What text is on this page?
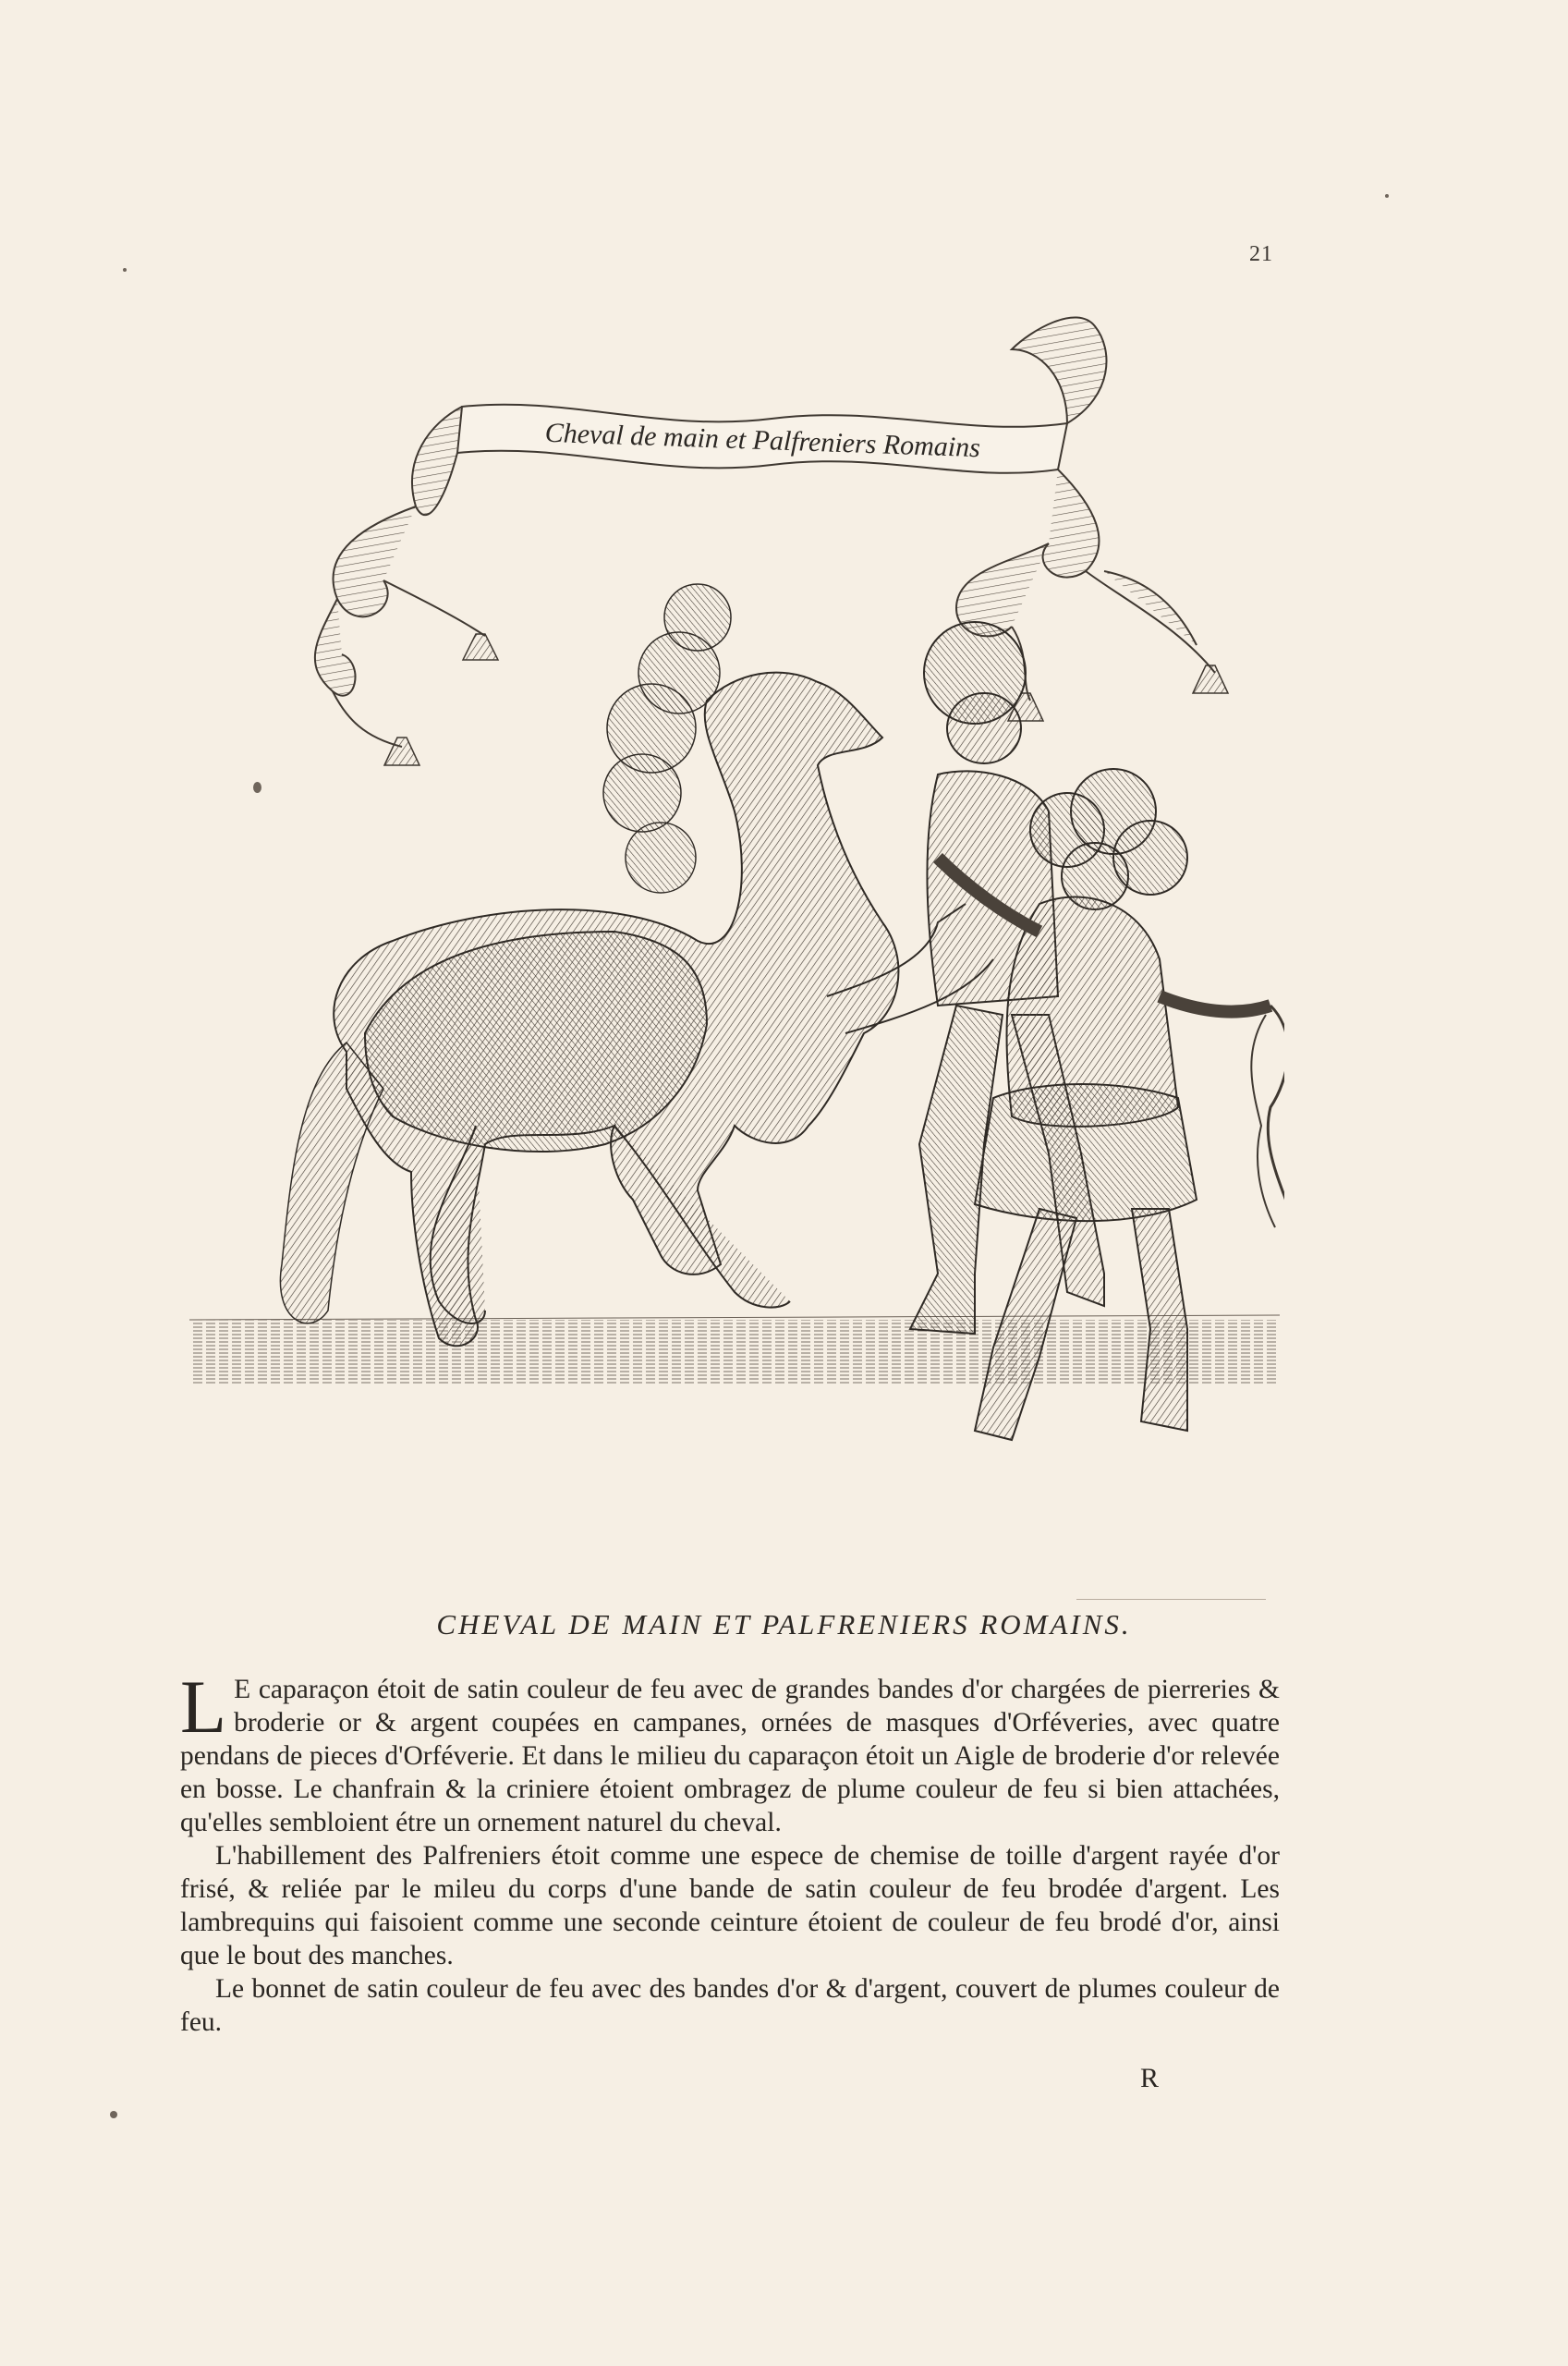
21
Cheval de main et Palfreniers Romains
CHEVAL DE MAIN ET PALFRENIERS ROMAINS.

L E caparaçon étoit de satin couleur de feu avec de grandes bandes d'or chargées de pierreries & broderie or & argent coupées en campanes, ornées de masques d'Orféveries, avec quatre pendans de pieces d'Orféverie. Et dans le milieu du caparaçon étoit un Aigle de broderie d'or relevée en bosse. Le chanfrain & la criniere étoient ombragez de plume couleur de feu si bien attachées, qu'elles sembloient étre un ornement naturel du cheval.

L'habillement des Palfreniers étoit comme une espece de chemise de toille d'argent rayée d'or frisé, & reliée par le mileu du corps d'une bande de satin couleur de feu brodée d'argent. Les lambrequins qui faisoient comme une seconde ceinture étoient de couleur de feu brodé d'or, ainsi que le bout des manches.

Le bonnet de satin couleur de feu avec des bandes d'or & d'argent, couvert de plumes couleur de feu.

R
